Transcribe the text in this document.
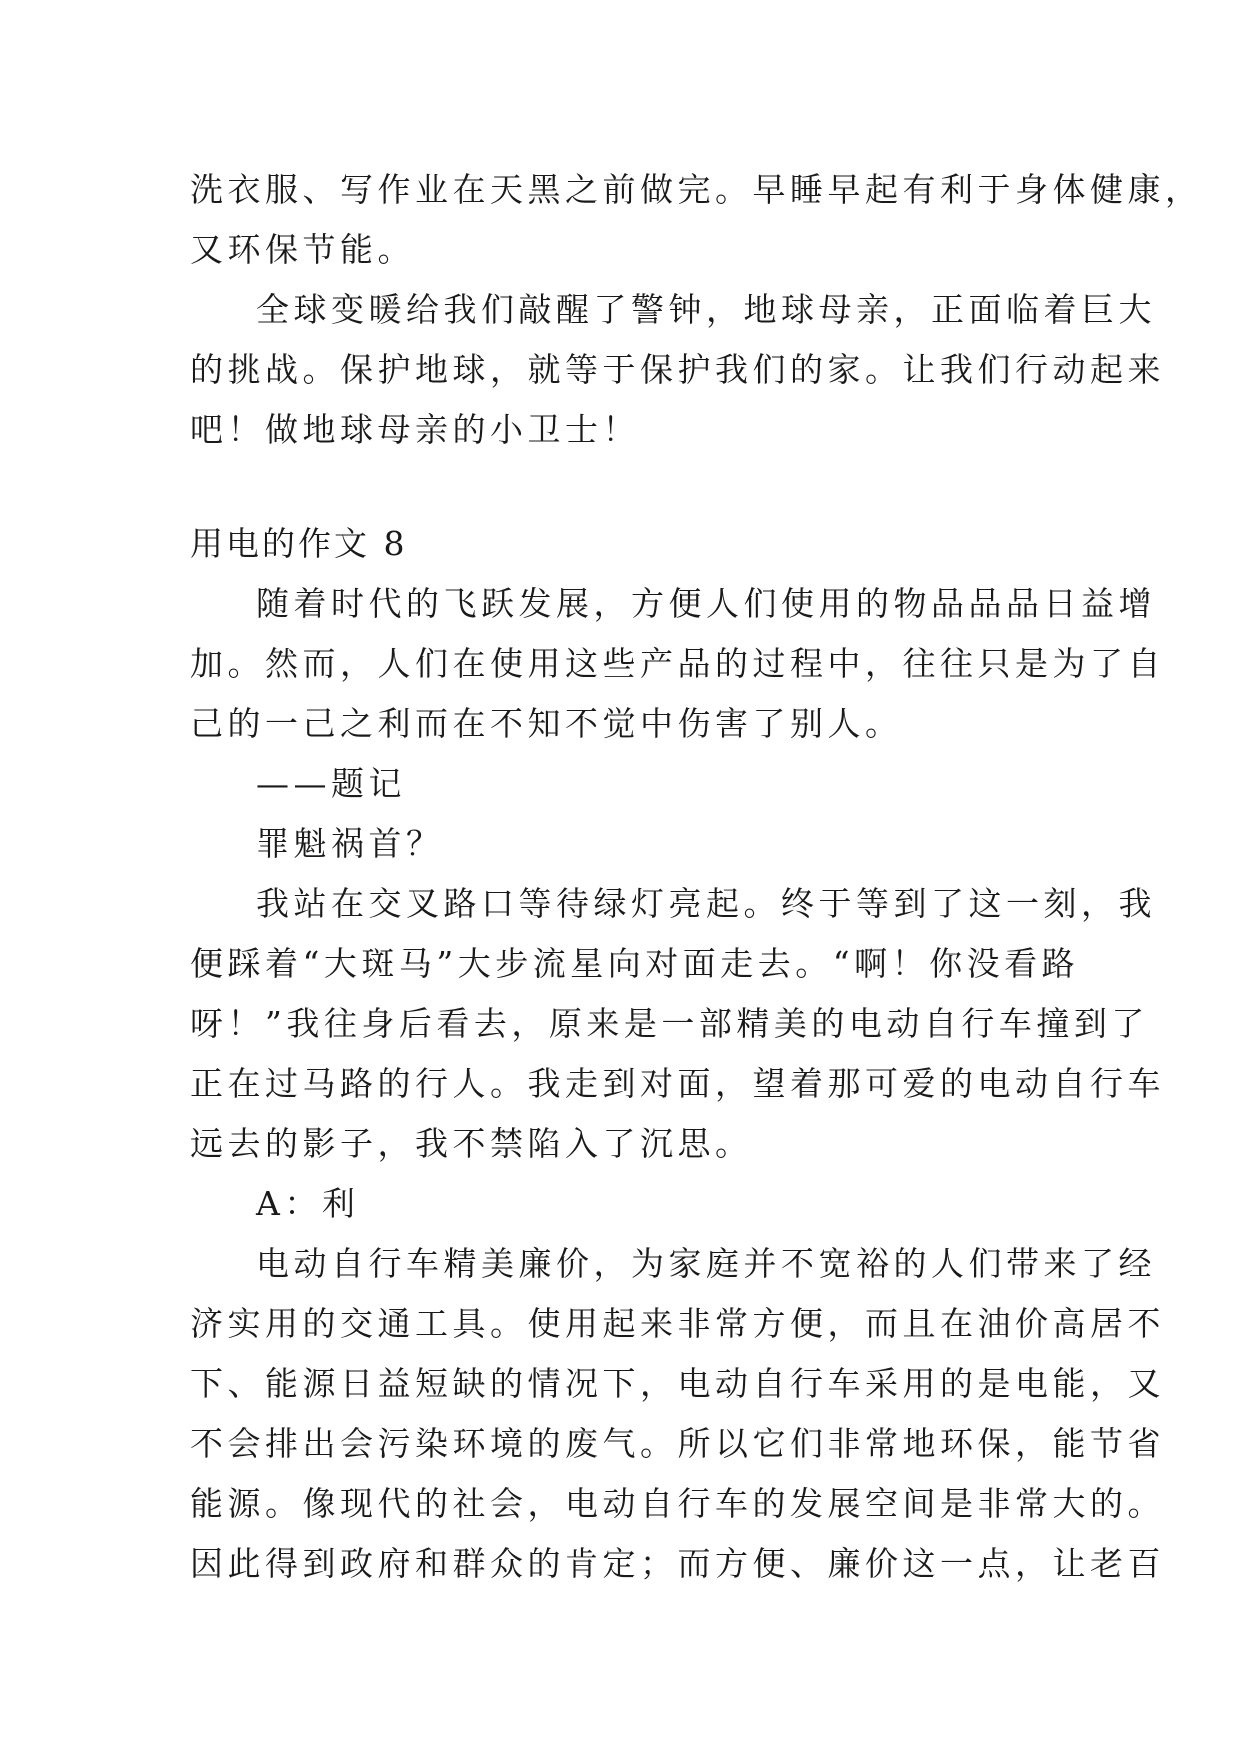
洗衣服、写作业在天黑之前做完。早睡早起有利于身体健康，
又环保节能。
全球变暖给我们敲醒了警钟，地球母亲，正面临着巨大
的挑战。保护地球，就等于保护我们的家。让我们行动起来
吧！做地球母亲的小卫士！
用电的作文 8
随着时代的飞跃发展，方便人们使用的物品品品日益增
加。然而，人们在使用这些产品的过程中，往往只是为了自
己的一己之利而在不知不觉中伤害了别人。
——题记
罪魁祸首？
我站在交叉路口等待绿灯亮起。终于等到了这一刻，我
便踩着“大斑马”大步流星向对面走去。“啊！你没看路
呀！”我往身后看去，原来是一部精美的电动自行车撞到了
正在过马路的行人。我走到对面，望着那可爱的电动自行车
远去的影子，我不禁陷入了沉思。
A：利
电动自行车精美廉价，为家庭并不宽裕的人们带来了经
济实用的交通工具。使用起来非常方便，而且在油价高居不
下、能源日益短缺的情况下，电动自行车采用的是电能，又
不会排出会污染环境的废气。所以它们非常地环保，能节省
能源。像现代的社会，电动自行车的发展空间是非常大的。
因此得到政府和群众的肯定；而方便、廉价这一点，让老百
